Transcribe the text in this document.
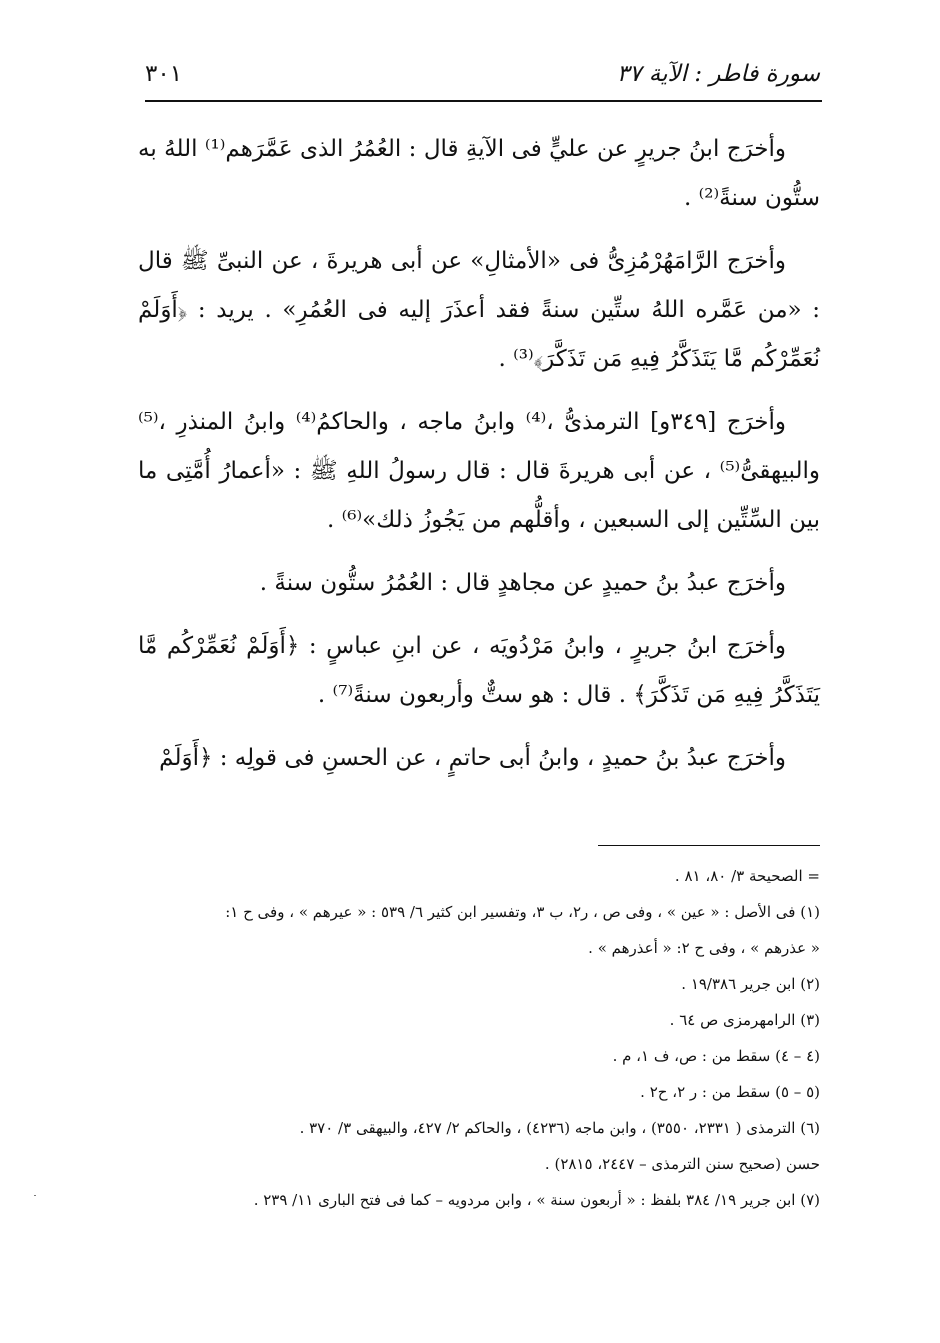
سورة فاطر : الآية ٣٧
٣٠١

وأخرَج ابنُ جريرٍ عن عليٍّ فى الآيةِ قال : العُمُرُ الذى عَمَّرَهم⁽¹⁾ اللهُ به ستُّون سنةً⁽²⁾ .

وأخرَج الرَّامَهُرْمُزِىُّ فى «الأمثالِ» عن أبى هريرةَ ، عن النبىِّ ﷺ قال : «من عَمَّره اللهُ ستِّين سنةً فقد أعذَرَ إليه فى العُمُرِ» . يريد : ﴿أَوَلَمْ نُعَمِّرْكُم مَّا يَتَذَكَّرُ فِيهِ مَن تَذَكَّرَ﴾⁽³⁾ .

وأخرَج [٣٤٩و] الترمذىُّ ،⁽⁴⁾ وابنُ ماجه ، والحاكمُ⁽⁴⁾ وابنُ المنذرِ ،⁽⁵⁾ والبيهقىُّ⁽⁵⁾ ، عن أبى هريرةَ قال : قال رسولُ اللهِ ﷺ : «أعمارُ أُمَّتِى ما بين السِّتِّين إلى السبعين ، وأقلُّهم من يَجُوزُ ذلك»⁽⁶⁾ .

وأخرَج عبدُ بنُ حميدٍ عن مجاهدٍ قال : العُمُرُ ستُّون سنةً .

وأخرَج ابنُ جريرٍ ، وابنُ مَرْدُويَه ، عن ابنِ عباسٍ : ﴿أَوَلَمْ نُعَمِّرْكُم مَّا يَتَذَكَّرُ فِيهِ مَن تَذَكَّرَ﴾ . قال : هو ستٌّ وأربعون سنةً⁽⁷⁾ .

وأخرَج عبدُ بنُ حميدٍ ، وابنُ أبى حاتمٍ ، عن الحسنِ فى قولِه : ﴿أَوَلَمْ

= الصحيحة ٣/ ٨٠، ٨١ .
(١) فى الأصل : « عين » ، وفى ص ، ر٢، ب ٣، وتفسير ابن كثير ٦/ ٥٣٩ : « عيرهم » ، وفى ح ١:
« عذرهم » ، وفى ح ٢: « أعذرهم » .
(٢) ابن جرير ١٩/٣٨٦ .
(٣) الرامهرمزى ص ٦٤ .
(٤ – ٤) سقط من : ص، ف ١، م .
(٥ – ٥) سقط من : ر ٢، ح٢ .
(٦) الترمذى ( ٢٣٣١، ٣٥٥٠) ، وابن ماجه (٤٢٣٦) ، والحاكم ٢/ ٤٢٧، والبيهقى ٣/ ٣٧٠ .
حسن (صحيح سنن الترمذى – ٢٤٤٧، ٢٨١٥) .
(٧) ابن جرير ١٩/ ٣٨٤ بلفظ : « أربعون سنة » ، وابن مردويه – كما فى فتح البارى ١١/ ٢٣٩ .
